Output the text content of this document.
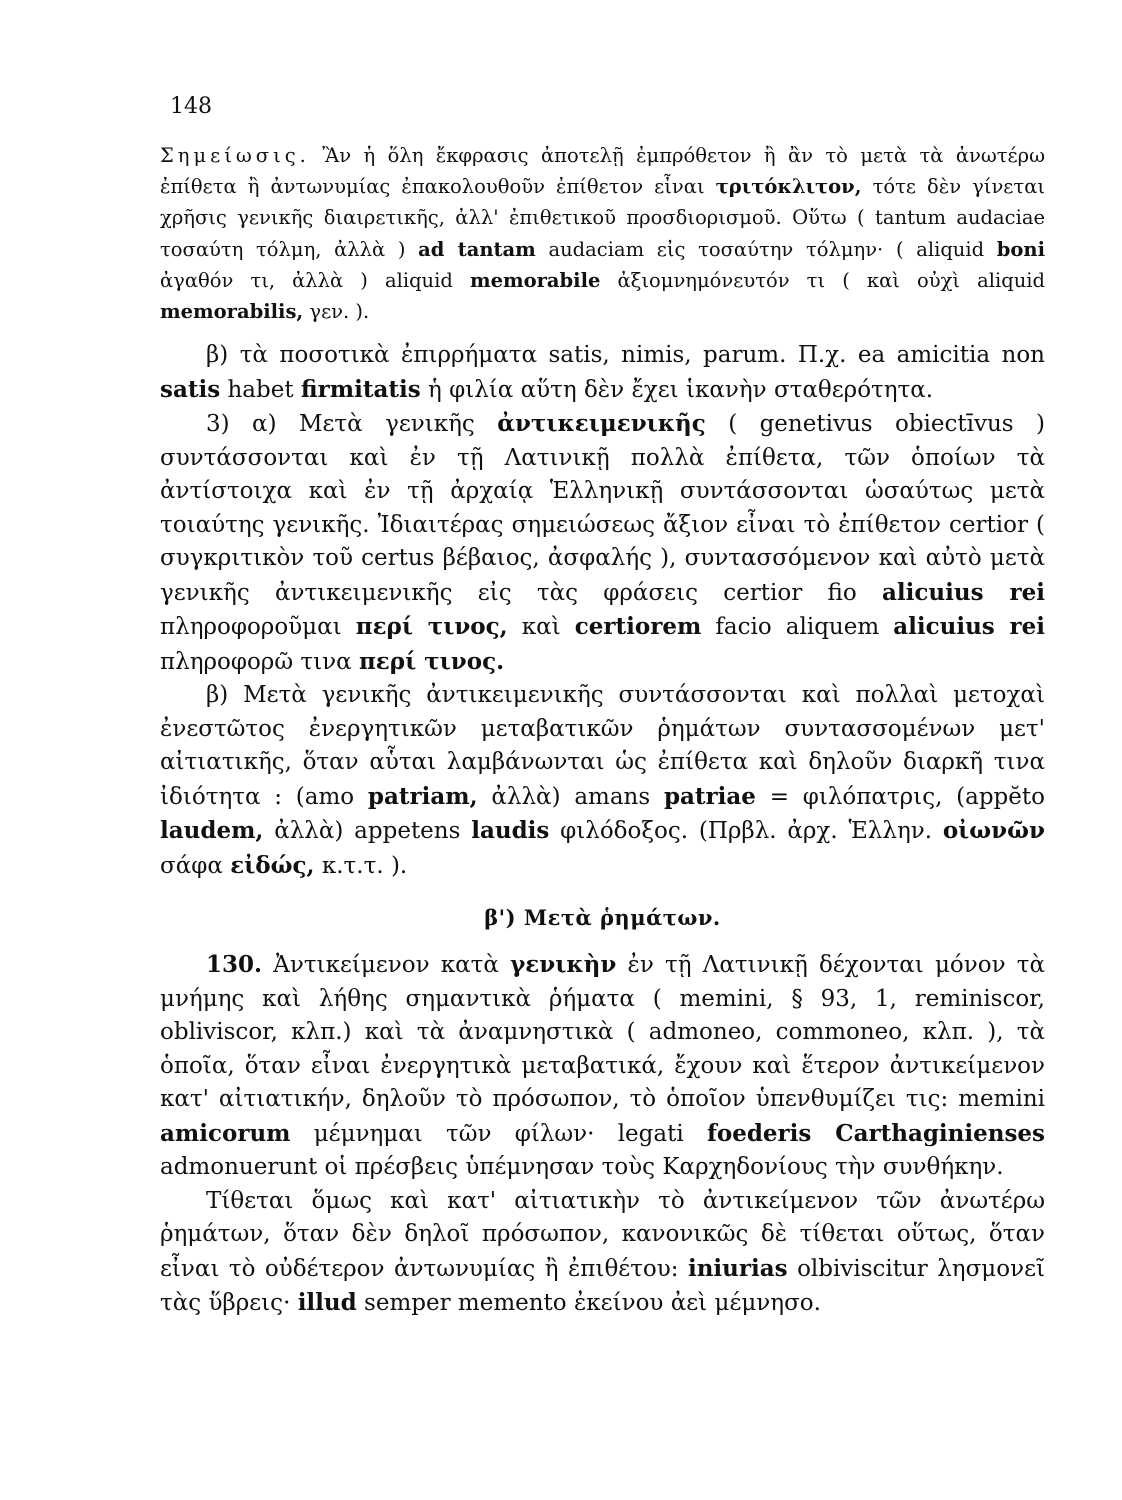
148

Σημείωσις. Ἂν ἡ ὅλη ἔκφρασις ἀποτελῇ ἐμπρόθετον ἢ ἂν τὸ μετὰ τὰ ἀνωτέρω ἐπίθετα ἢ ἀντωνυμίας ἐπακολουθοῦν ἐπίθετον εἶναι τριτόκλιτον, τότε δὲν γίνεται χρῆσις γενικῆς διαιρετικῆς, ἀλλ' ἐπιθετικοῦ προσδιορισμοῦ. Οὕτω ( tantum audaciae τοσαύτη τόλμη, ἀλλὰ ) ad tantam audaciam εἰς τοσαύτην τόλμην· ( aliquid boni ἀγαθόν τι, ἀλλὰ ) aliquid memorabile ἀξιομνημόνευτόν τι ( καὶ οὐχὶ aliquid memorabilis, γεν. ).

β) τὰ ποσοτικὰ ἐπιρρήματα satis, nimis, parum. Π.χ. ea amicitia non satis habet firmitatis ἡ φιλία αὕτη δὲν ἔχει ἱκανὴν σταθερότητα.

3) α) Μετὰ γενικῆς ἀντικειμενικῆς ( genetivus obiectīvus ) συντάσσονται καὶ ἐν τῇ Λατινικῇ πολλὰ ἐπίθετα, τῶν ὁποίων τὰ ἀντίστοιχα καὶ ἐν τῇ ἀρχαίᾳ Ἑλληνικῇ συντάσσονται ὡσαύτως μετὰ τοιαύτης γενικῆς. Ἰδιαιτέρας σημειώσεως ἄξιον εἶναι τὸ ἐπίθετον certior ( συγκριτικὸν τοῦ certus βέβαιος, ἀσφαλής ), συντασσόμενον καὶ αὐτὸ μετὰ γενικῆς ἀντικειμενικῆς εἰς τὰς φράσεις certior fio alicuius rei πληροφοροῦμαι περί τινος, καὶ certiorem facio aliquem alicuius rei πληροφορῶ τινα περί τινος.

β) Μετὰ γενικῆς ἀντικειμενικῆς συντάσσονται καὶ πολλαὶ μετοχαὶ ἐνεστῶτος ἐνεργητικῶν μεταβατικῶν ῥημάτων συντασσομένων μετ' αἰτιατικῆς, ὅταν αὗται λαμβάνωνται ὡς ἐπίθετα καὶ δηλοῦν διαρκῆ τινα ἰδιότητα : (amo patriam, ἀλλὰ) amans patriae = φιλόπατρις, (appĕto laudem, ἀλλὰ) appetens laudis φιλόδοξος. (Πρβλ. ἀρχ. Ἑλλην. οἰωνῶν σάφα εἰδώς, κ.τ.τ. ).

β') Μετὰ ῥημάτων.

130. Ἀντικείμενον κατὰ γενικὴν ἐν τῇ Λατινικῇ δέχονται μόνον τὰ μνήμης καὶ λήθης σημαντικὰ ῥήματα ( memini, § 93, 1, reminiscor, obliviscor, κλπ.) καὶ τὰ ἀναμνηστικὰ ( admoneo, commoneo, κλπ. ), τὰ ὁποῖα, ὅταν εἶναι ἐνεργητικὰ μεταβατικά, ἔχουν καὶ ἕτερον ἀντικείμενον κατ' αἰτιατικήν, δηλοῦν τὸ πρόσωπον, τὸ ὁποῖον ὑπενθυμίζει τις: memini amicorum μέμνημαι τῶν φίλων· legati foederis Carthaginienses admonuerunt οἱ πρέσβεις ὑπέμνησαν τοὺς Καρχηδονίους τὴν συνθήκην.

Τίθεται ὅμως καὶ κατ' αἰτιατικὴν τὸ ἀντικείμενον τῶν ἀνωτέρω ῥημάτων, ὅταν δὲν δηλοῖ πρόσωπον, κανονικῶς δὲ τίθεται οὕτως, ὅταν εἶναι τὸ οὐδέτερον ἀντωνυμίας ἢ ἐπιθέτου: iniurias olbiviscitur λησμονεῖ τὰς ὕβρεις· illud semper memento ἐκείνου ἀεὶ μέμνησο.
